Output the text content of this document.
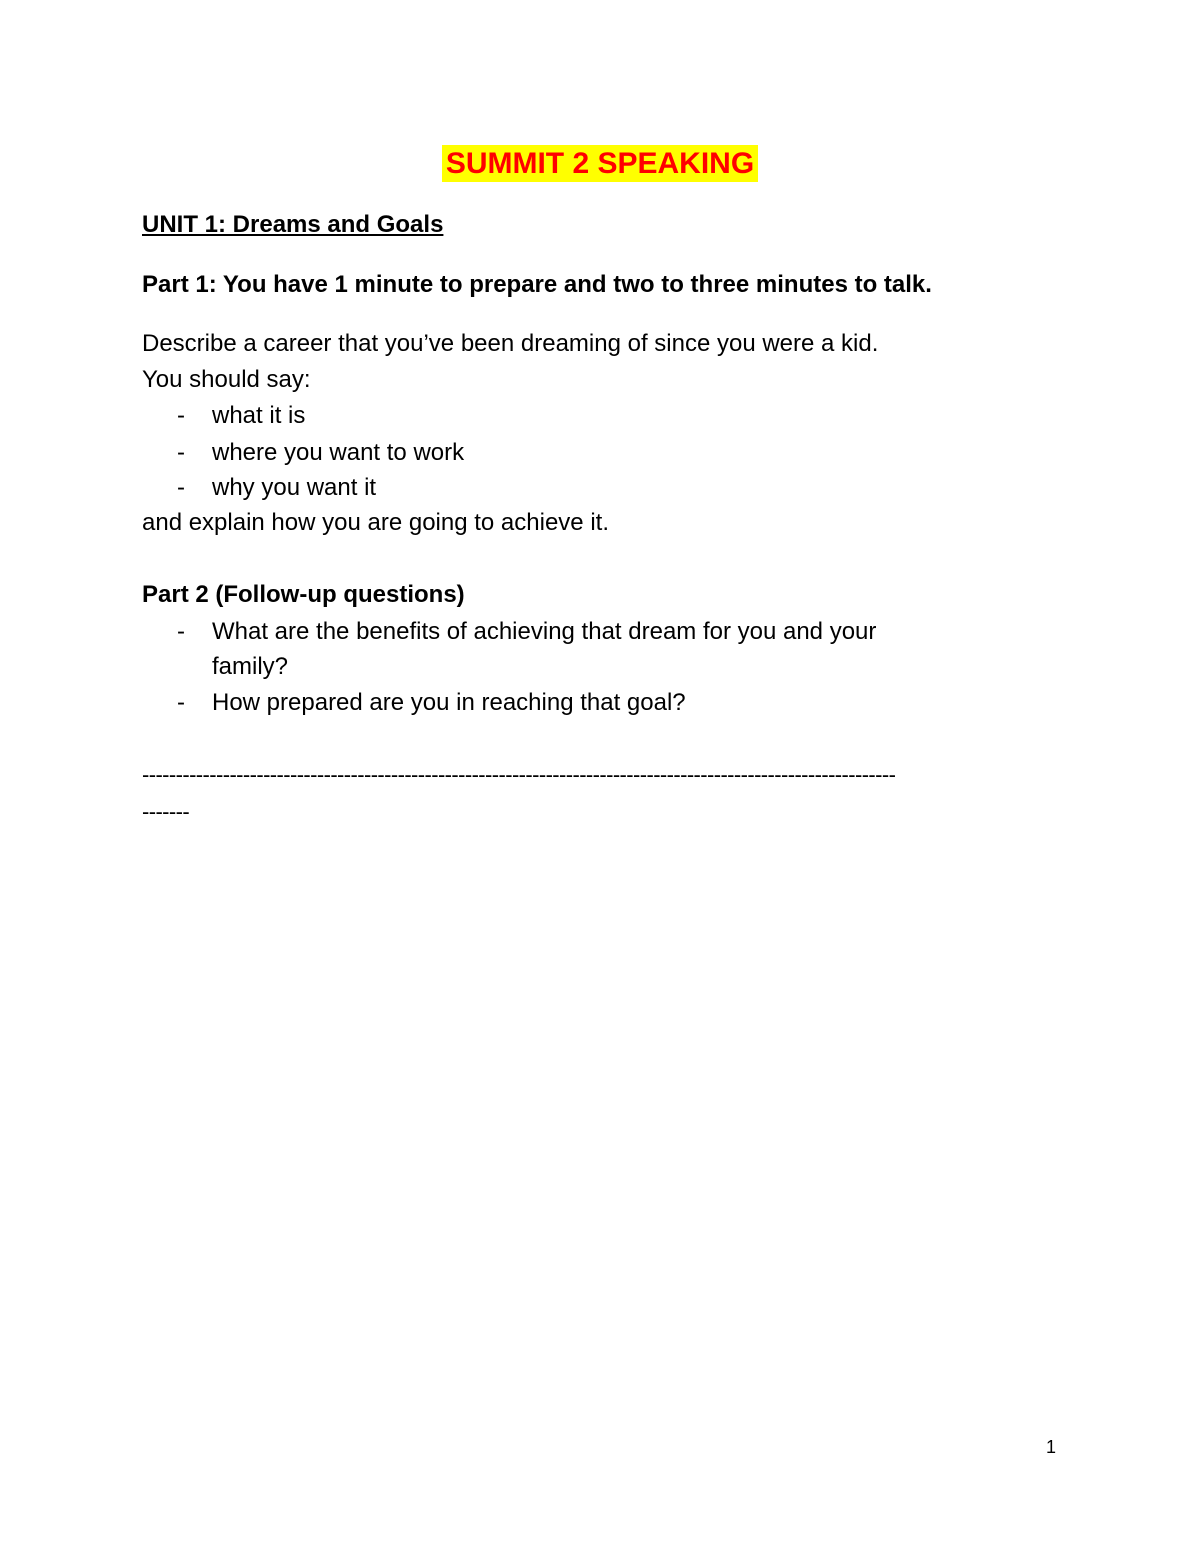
SUMMIT 2 SPEAKING
UNIT 1: Dreams and Goals
Part 1: You have 1 minute to prepare and two to three minutes to talk.
Describe a career that you’ve been dreaming of since you were a kid.
You should say:
- what it is
- where you want to work
- why you want it
and explain how you are going to achieve it.
Part 2 (Follow-up questions)
- What are the benefits of achieving that dream for you and your
family?
- How prepared are you in reaching that goal?
----------------------------------------------------------------------------------------------------------------
-------
1
